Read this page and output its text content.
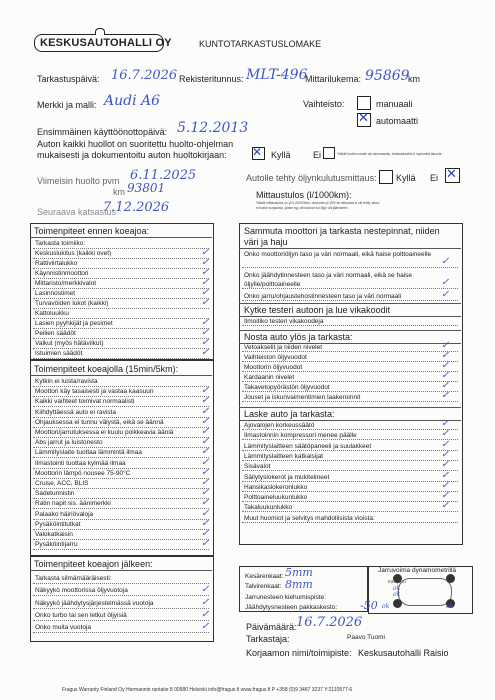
KESKUSAUTOHALLI OY	KUNTOTARKASTUSLOMAKE
Tarkastuspäivä: 16.7.2026 Rekisteritunnus: MLT-496
Mittarilukema: 95869
km
Merkki ja malli: Audi A6	Vaihteisto:	manuaali
✕ automaatti
Ensimmäinen käyttöönottopäivä: 5.12.2013
Auton kaikki huollot on suoritettu huolto-ohjelman mukaisesti ja dokumentoitu auton huoltokirjaan:	✕ Kyllä Ei	*Mikäli huollon osoite ole sammasettu, tarkastukseltä ei myönnetä takuuta.
Viimeisin huolto pvm 6.11.2025
km 93801
Autolle tehty öljynkulutusmittaus: Kyllä Ei ✕
Mittaustulos (l/1000km):
*Mikäli mittaustulos on yli 0,2l/1000km, ohivuotto yli 15% tai mittausta ei ole tehty, takuu
ei koske korjauksia, joiden syy ohivuotoon tai öljyn ohi jäämiseen.
Seuraava katsastus
7.12.2026
Toimenpiteet ennen koeajoa:
Tarkasta toimiiko:
Keskuslukitus (kaikki ovet)	✓
Rattiviirtalukko	✓
Käynnistinmoottori	✓
Mittaristo/merkkivalot	✓
Lasinnostimet	✓
Turvavöiden lukot (kaikki)	✓
Kattoluukku
Lasien pyyhkijät ja pesimet	✓
Peilien säädöt	✓
Valkut (myös hätävilkut)	✓
Istuimien säädöt	✓
Toimenpiteet koeajolla (15min/5km):
Kytkin ei luista/ravista
Moottori käy tasaisesti ja vastaa kaasuun	✓
Kaikki vaihteet toimivat normaalisti	✓
Kiihdyttäessä auto ei ravista	✓
Ohjauksessa ei tunnu välystä, eikä se äännä	✓
Moottori/jarrutuksessa ei kuulu poikkeavia ääniä	✓
Abs jarrut ja luistonesto	✓
Lämmityslaite tuottaa lämmintä ilmaa	✓
Ilmastointi tuottaa kylmää ilmaa	✓
Moottorin lämpö nousee 75-90°C	✓
Cruise, ACC, BLIS	✓
Sadetunnistin	✓
Ratin napit sis. äänimerkki	✓
Palaako häiriövaloja	✓
Pysäköintitutkat	✓
Valokatkaisin	✓
Pysäköintijarru	✓
Toimenpiteet koeajon jälkeen:
Tarkasta silmämääräisesti:
Näkyykö moottorissa öljyvuotoja	✓
Näkyykö jäähdytysjärjestelmässä vuotoja	✓
Onko turbo tai sen letkut öljyisiä	✓
Onko muita vuotoja	✓
Sammuta moottori ja tarkasta nestepinnat, niiden väri ja haju
Onko moottoriöljyn taso ja väri normaali, eikä haise polttoaineelle
✓
Onko jäähdytinnesteen taso ja väri normaali, eikä se haise öljylle/polttoaineelle	✓
Onko jarru/ohjaustehostinnesteen taso ja väri normaali	✓
Kytke testeri autoon ja lue vikakoodit
Ilmoitiko testeri vikakoodeja
Nosta auto ylös ja tarkasta:
Vetoakselit ja niiden nivelet	✓
Vaihteiston öljyvuodot	✓
Moottorin öljyvuodot	✓
Kardaanin nivelet	✓
Takavetopyörästön öljyvuodot	✓
Jouset ja iskunvaimentimien laakeroinnit	✓
Laske auto ja tarkasta:
Ajovalojen korkeussäätö	✓
Ilmastoinnin kompressori menee päälle	✓
Lämmityslaitteen säätöpaneeli ja suulakkeet	✓
Lämmityslaitteen katkaisijat	✓
Sisävalot	✓
Säilytyslokerot ja mukitelineet	✓
Hansikaslokeronlukko	✓
Polttoaineluukunlukko	✓
Takaluukunlukko	✓
Muut huomiot ja selvitys mahdollisista vioista:
Kesärenkaat: 5mm
Talvirenkaat: 8mm
Jarrunesteen kiehumispiste:
Jäähdytysnesteen pakkaskesto: -50
Jarruvoima dynamometrillä
Käsijarru
ok
ok
ok	ok
Päivämäärä: 16.7.2026
Tarkastaja:	Paavo Tuomi
Korjaamon nimi/toimipiste: Keskusautohalli Raisio
Fragus Warranty Finland Oy Hermannin rantatie 8 00580 Helsinki info@fragus.fi www.fragus.fi P +358 (0)9 3487 3237 Y:2110577-6
